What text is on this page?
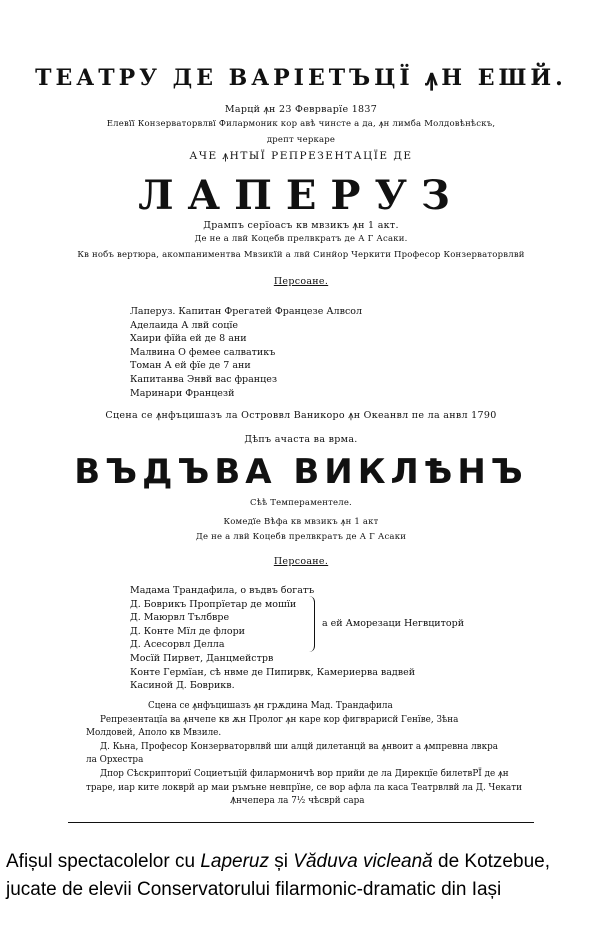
ТЕАТРУ ДЕ ВАРІЕТЪЦЇ ꙟН ЕШЙ.
Марцй ꙟн 23 Феврварїе 1837
Елевїї Конзерваторвлвї Филармоник кор авѣ чинсте а да, ꙟн лимба Молдовѣнѣскъ,
дрепт черкаре
АЧЕ ꙟНТЫЇ РЕПРЕЗЕНТАЦЇЕ ДЕ
ЛАПЕРУЗ
Дрампъ серїоасъ кв мвзикъ ꙟн 1 акт.
Де не а лвй Коцебв прелвкратъ де А Г Асаки.
Кв нобъ вертюра, акомпаниментва Мвзикїй а лвй Синйор Черкити Професор Конзерваторвлвй
Персоане.
Лаперуз. Капитан Фрегатей Францезе Алвсол
Аделаида А лвй соцїе
Хаири фїйа ей де 8 ани
Малвина О фемее салватикъ
Томан А ей фїе де 7 ани
Капитанва Энвй вас францез
Маринари Францезй
Сцена се ꙟнфъцишазъ ла Островвл Ваникоро ꙟн Океанвл пе ла анвл 1790
Дѣпъ ачаста ва врма.
ВЪДЪВА ВИКЛѢНЪ
Сѣѣ Темпераментеле.
Комедїе Вѣфа кв мвзикъ ꙟн 1 акт
Де не а лвй Коцебв прелвкратъ де А Г Асаки
Персоане.
Мадама Трандафила, о въдвъ богатъ
Д. Боврикъ Пропрїетар де мошїи
Д. Маюрвл Тълбвре
Д. Конте Мїл де флори
Д. Асесорвл Делла
Мосїй Пирвет, Данцмейстрв
Конте Гермїан, сѣ нвме де Пипирвк, Камериерва вадвей
Касиной Д. Боврикв.
а ей Аморезаци Негвциторй
Сцена се ꙟнфъцишазъ ꙟн грѫдина Мад. Трандафила
Репрезентацїа ва ꙟнчепе кв ѫн Пролог ꙟн каре кор фигврарисй Генїве, Зѣна
Молдовей, Аполо кв Мвзиле.
Д. Кьна, Професор Конзерваторвлвй ши алцй дилетанцй ва ꙟнвоит а ꙟмпревна лвкра
ла Орхестра
Дпор Сѣскрипториї Социетъцїй филармоничѣ вор прийи де ла Дирекцїе билетвРЇ де ꙟн
траре, иар ките локврй ар маи ръмъне невпрїне, се вор афла ла каса Театрвлвй ла Д. Чекати
Ꙟнчепера ла 7½ чѣсврй сара
Afișul spectacolelor cu Laperuz și Văduva vicleană de Kotzebue, jucate de elevii Conservatorului filarmonic-dramatic din Iași
